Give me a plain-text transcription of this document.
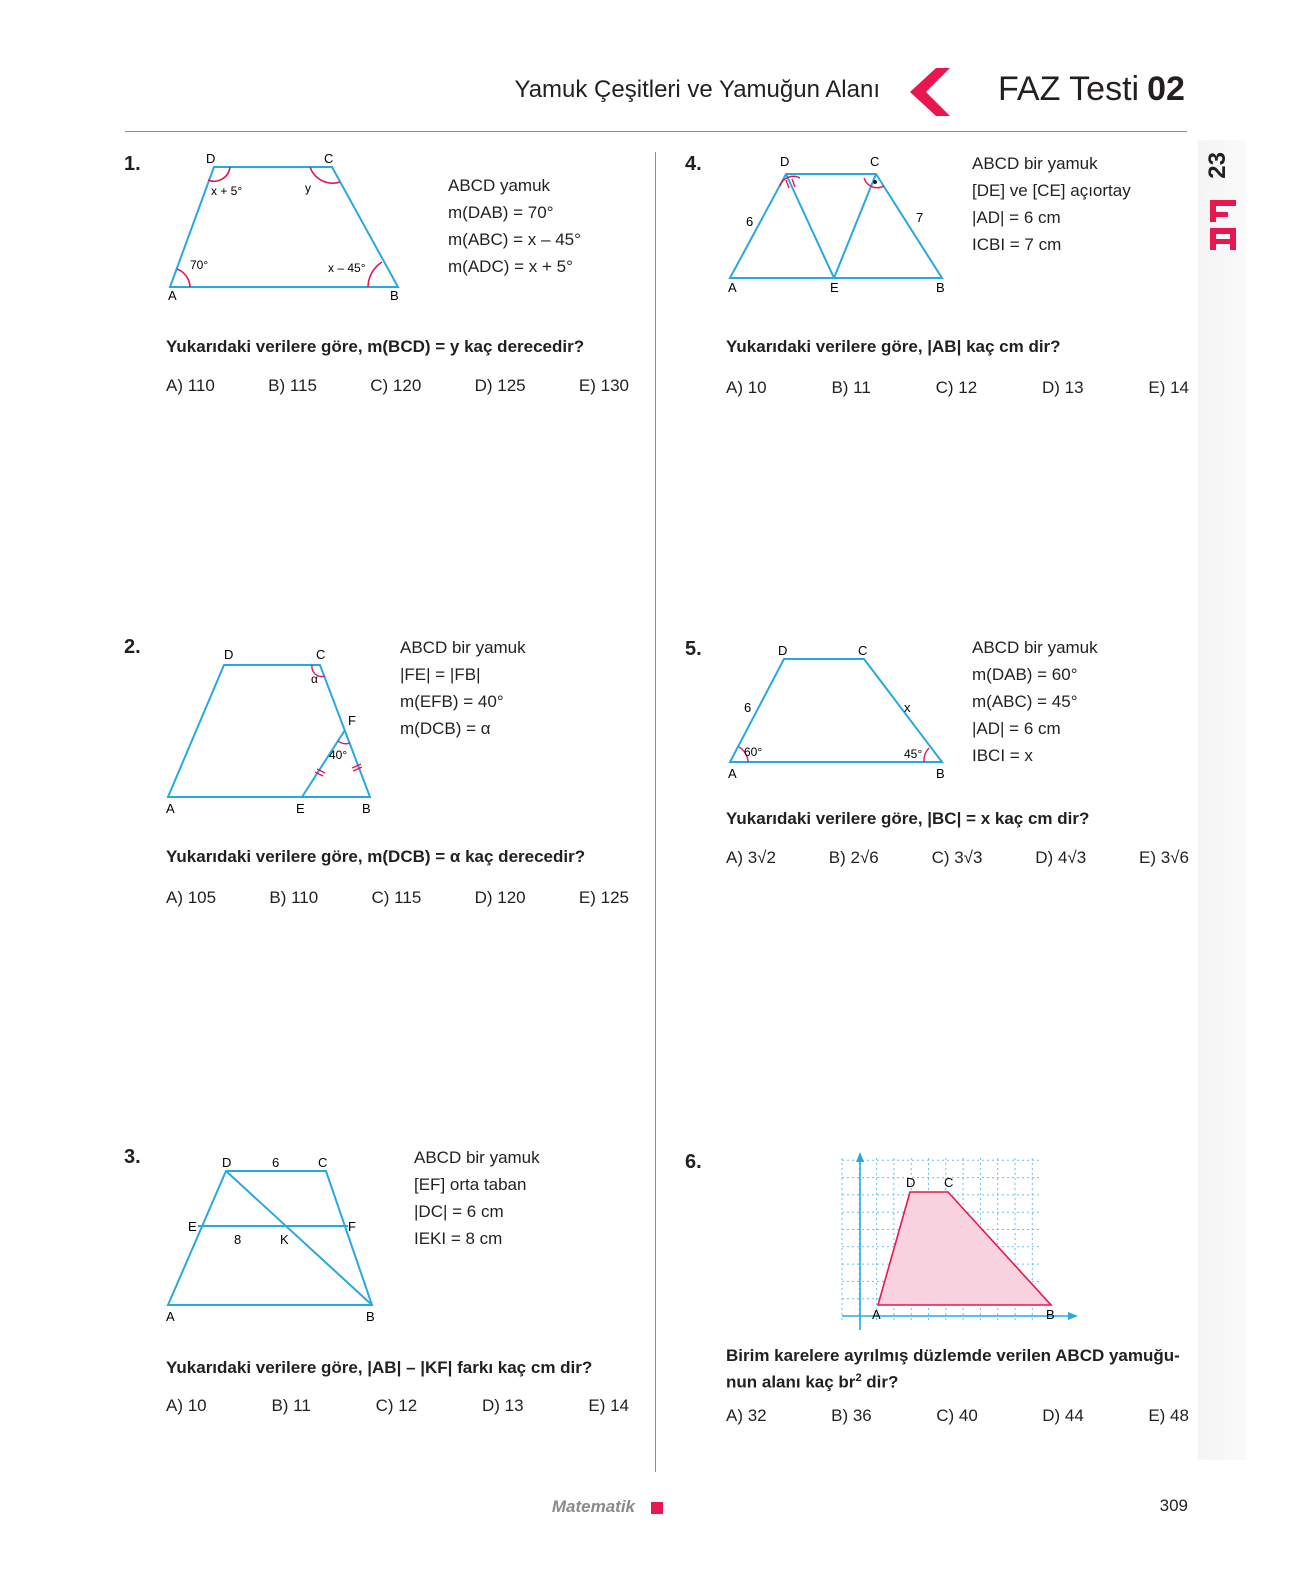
Yamuk Çeşitleri ve Yamuğun Alanı	FAZ Testi 02
23
1.
A	B
C
D
70°	x – 45°
y
x + 5°	ABCD yamuk
m(DAB) = 70°
m(ABC) = x – 45°
m(ADC) = x + 5°
Yukarıdaki verilere göre, m(BCD) = y kaç derecedir?
A) 110	B) 115	C) 120	D) 125	E) 130
2.
A	B
C
D
E
F
40°
α
ABCD bir yamuk
|FE| = |FB|
m(EFB) = 40°
m(DCB) = α
Yukarıdaki verilere göre, m(DCB) = α kaç derecedir?
A) 105	B) 110	C) 115	D) 120	E) 125
3.
A	B
C
D
E	F
K
6
8
ABCD bir yamuk
[EF] orta taban
|DC| = 6 cm
IEKI = 8 cm
Yukarıdaki verilere göre, |AB| – |KF| farkı kaç cm dir?
A) 10	B) 11	C) 12	D) 13	E) 14
4.
A	B
C
D
E
6	7
ABCD bir yamuk
[DE] ve [CE] açıortay
|AD| = 6 cm
ICBI = 7 cm
Yukarıdaki verilere göre, |AB| kaç cm dir?
A) 10	B) 11	C) 12	D) 13	E) 14
5.
A	B
C
D
6	x
60°	45°
ABCD bir yamuk
m(DAB) = 60°
m(ABC) = 45°
|AD| = 6 cm
IBCI = x
Yukarıdaki verilere göre, |BC| = x kaç cm dir?
A) 3√2	B) 2√6	C) 3√3	D) 4√3	E) 3√6
6.
A	B
C
D
Birim karelere ayrılmış düzlemde verilen ABCD yamuğu-
nun alanı kaç $br^2$ dir?
A) 32	B) 36	C) 40	D) 44	E) 48
Matematik	309
